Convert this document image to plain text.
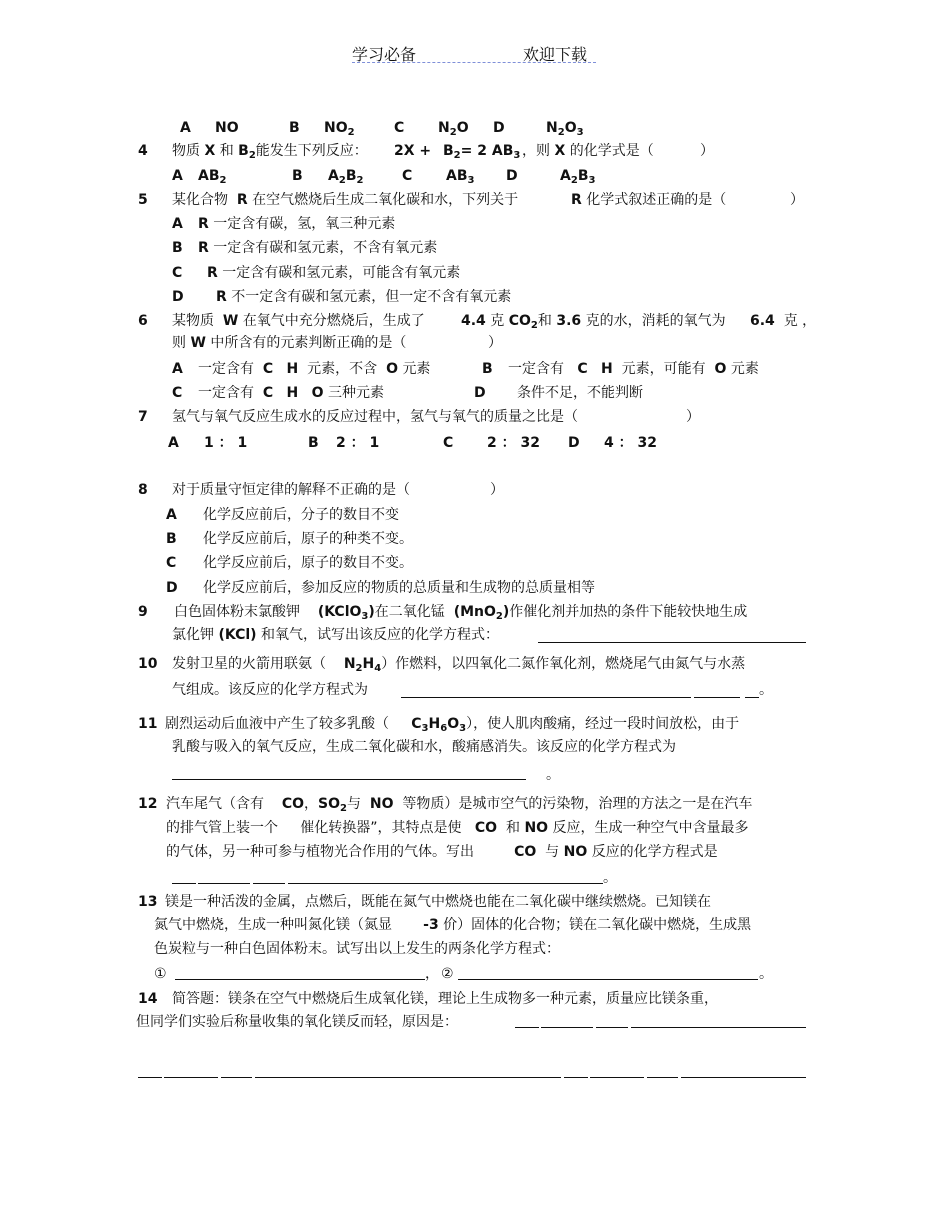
学习必备	欢迎下载
A NO	B $NO_2$	C $N_2O$ D	$N_2O_3$
4 物质 X 和 $B_2$能发生下列反应： $2X + B_2= 2$ $AB_3$ ，则 X 的化学式是（	）
A $AB_2$	B $A_2B_2$	C $AB_3$ D	$A_2B_3$
5 某化合物 R 在空气燃烧后生成二氧化碳和水，下列关于	R 化学式叙述正确的是（	）
A R 一定含有碳，氢，氧三种元素
B R 一定含有碳和氢元素，不含有氧元素
C R 一定含有碳和氢元素，可能含有氧元素
D R 不一定含有碳和氢元素，但一定不含有氧元素
6 某物质 W 在氧气中充分燃烧后，生成了	4.4 克 $CO_2$和 3.6 克的水，消耗的氧气为 6.4 克 ，
则 W 中所含有的元素判断正确的是（	）
A 一定含有 C H 元素，不含 O 元素	B 一定含有 C H 元素，可能有 O 元素
C 一定含有 C H O 三种元素	D 条件不足，不能判断
7 氢气与氧气反应生成水的反应过程中，氢气与氧气的质量之比是（	）
A 1 ： 1	B 2 ： 1	C 2 ： 32 D 4 ： 32
8 对于质量守恒定律的解释不正确的是（	）
A 化学反应前后，分子的数目不变
B 化学反应前后，原子的种类不变。
C 化学反应前后，原子的数目不变。
D 化学反应前后，参加反应的物质的总质量和生成物的总质量相等
9 白色固体粉末氯酸钾 (KClO$_3$)在二氧化锰 (MnO$_2$)作催化剂并加热的条件下能较快地生成
氯化钾 (KCl) 和氧气，试写出该反应的化学方程式：
10 发射卫星的火箭用联氨（ $N_2H_4$）作燃料，以四氧化二氮作氧化剂，燃烧尾气由氮气与水蒸
气组成。该反应的化学方程式为	。
11 剧烈运动后血液中产生了较多乳酸（ $C_3H_6O_3$），使人肌肉酸痛，经过一段时间放松，由于
乳酸与吸入的氧气反应，生成二氧化碳和水，酸痛感消失。该反应的化学方程式为
。
12 汽车尾气（含有 CO，$SO_2$与 NO 等物质）是城市空气的污染物，治理的方法之一是在汽车
的排气管上装一个 催化转换器”，其特点是使 CO 和 NO 反应，生成一种空气中含量最多
的气体，另一种可参与植物光合作用的气体。写出	CO 与 NO 反应的化学方程式是
。
13 镁是一种活泼的金属，点燃后，既能在氮气中燃烧也能在二氧化碳中继续燃烧。已知镁在
氮气中燃烧，生成一种叫氮化镁（氮显 -3 价）固体的化合物；镁在二氧化碳中燃烧，生成黑
色炭粒与一种白色固体粉末。试写出以上发生的两条化学方程式：
①	， ②	。
14 简答题：镁条在空气中燃烧后生成氧化镁，理论上生成物多一种元素，质量应比镁条重，
但同学们实验后称量收集的氧化镁反而轻，原因是：
